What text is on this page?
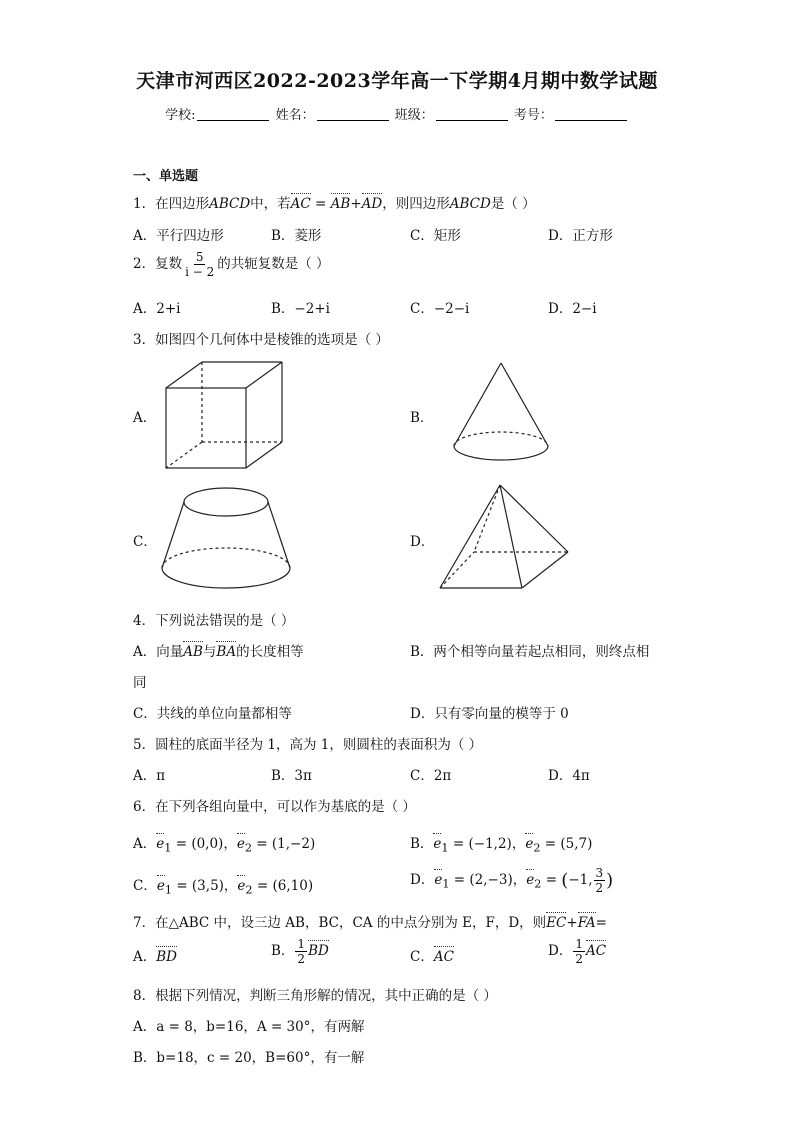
天津市河西区2022-2023学年高一下学期4月期中数学试题
学校:	姓名：	班级：	考号：
一、单选题
1．在四边形ABCD中，若AC = AB+AD，则四边形ABCD是（ ）
A．平行四边形	B．菱形	C．矩形	D．正方形
2．复数 $\frac{5}{i - 2}$ 的共轭复数是（ ）
A．2+i	B．−2+i	C．−2−i	D．2−i
3．如图四个几何体中是棱锥的选项是（ ）
A．	B．
C．	D．
4．下列说法错误的是（ ）
A．向量AB与BA的长度相等	B．两个相等向量若起点相同，则终点相
同
C．共线的单位向量都相等	D．只有零向量的模等于 0
5．圆柱的底面半径为 1，高为 1，则圆柱的表面积为（ ）
A．π	B．3π	C．2π	D．4π
6．在下列各组向量中，可以作为基底的是（ ）
A．$e_1 = (0,0)$，$e_2 = (1,-2)$	B．$e_1 = (-1,2)$，$e_2 = (5,7)$
C．$e_1 = (3,5)$，$e_2 = (6,10)$	D．$e_1 = (2,-3)$，$e_2 = (-1$, $\frac{3}{2}$ )
7．在△ABC 中，设三边 AB，BC，CA 的中点分别为 E，F，D，则EC+FA=
A．BD	B． $\frac{1}{2}$ BD	C．AC	D． $\frac{1}{2}$ AC
8．根据下列情况，判断三角形解的情况，其中正确的是（ ）
A．a = 8，b=16，A = 30°，有两解
B．b=18，c = 20，B=60°，有一解
